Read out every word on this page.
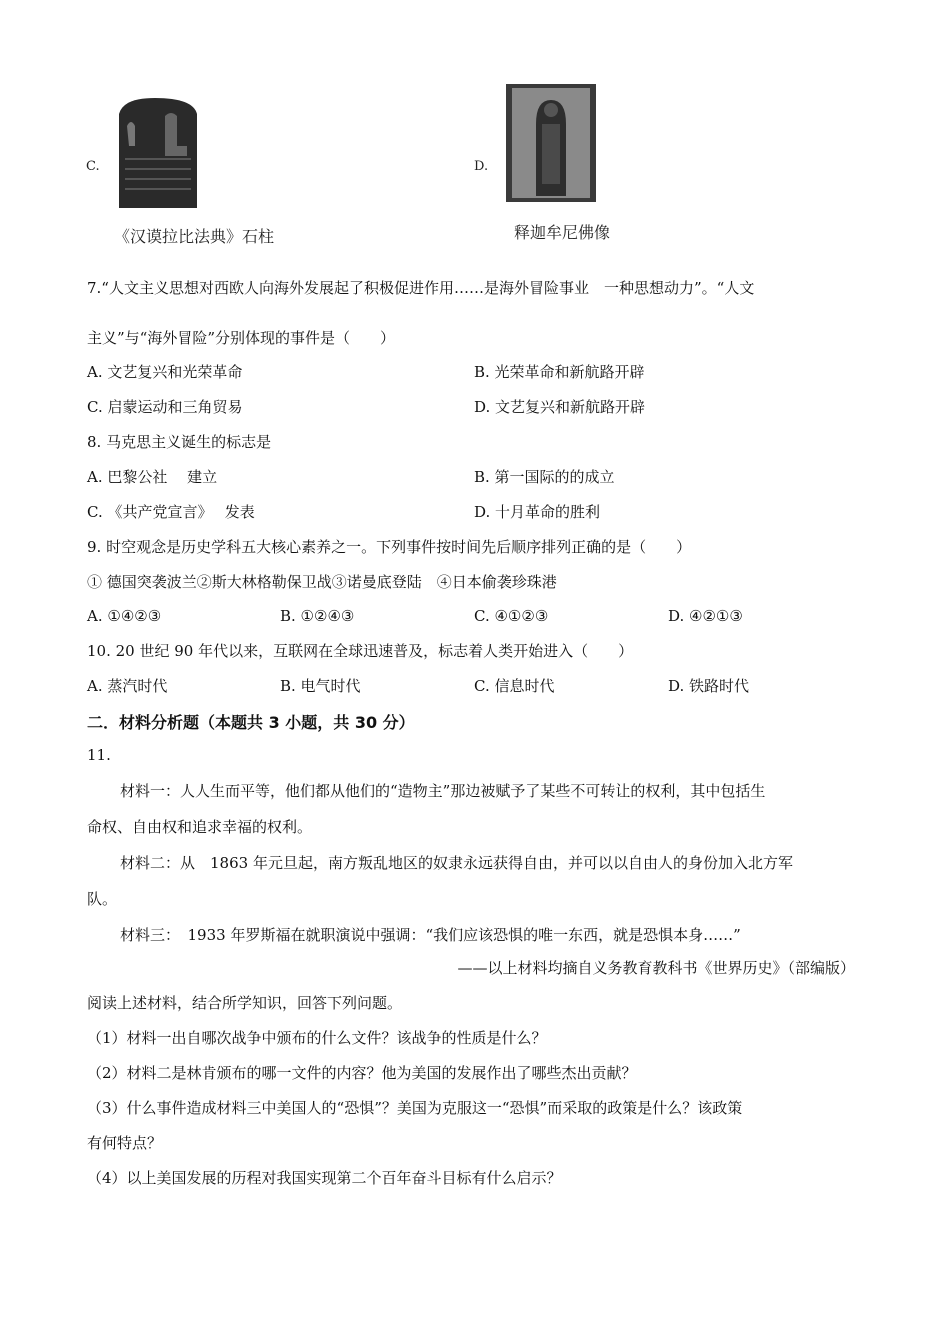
C.
《汉谟拉比法典》石柱
D.
释迦牟尼佛像
7.“人文主义思想对西欧人向海外发展起了积极促进作用……是海外冒险事业　一种思想动力”。“人文
主义”与“海外冒险”分别体现的事件是（　　）
A. 文艺复兴和光荣革命	B. 光荣革命和新航路开辟
C. 启蒙运动和三角贸易	D. 文艺复兴和新航路开辟
8. 马克思主义诞生的标志是
A. 巴黎公社　 建立	B. 第一国际的的成立
C. 《共产党宣言》　 发表	D. 十月革命的胜利
9. 时空观念是历史学科五大核心素养之一。下列事件按时间先后顺序排列正确的是（　　）
① 德国突袭波兰②斯大林格勒保卫战③诺曼底登陆　④日本偷袭珍珠港
A. ①④②③	B. ①②④③	C. ④①②③	D. ④②①③
10. 20 世纪 90 年代以来，互联网在全球迅速普及，标志着人类开始进入（　　）
A. 蒸汽时代	B. 电气时代	C. 信息时代	D. 铁路时代
二．材料分析题（本题共 3 小题，共 30 分）
11.
材料一：人人生而平等，他们都从他们的“造物主”那边被赋予了某些不可转让的权利，其中包括生
命权、自由权和追求幸福的权利。
材料二：从　1863 年元旦起，南方叛乱地区的奴隶永远获得自由，并可以以自由人的身份加入北方军
队。
材料三：　1933 年罗斯福在就职演说中强调：“我们应该恐惧的唯一东西，就是恐惧本身……”
——以上材料均摘自义务教育教科书《世界历史》（部编版）
阅读上述材料，结合所学知识，回答下列问题。
（1）材料一出自哪次战争中颁布的什么文件？该战争的性质是什么？
（2）材料二是林肯颁布的哪一文件的内容？他为美国的发展作出了哪些杰出贡献？
（3）什么事件造成材料三中美国人的“恐惧”？美国为克服这一“恐惧”而采取的政策是什么？该政策
有何特点？
（4）以上美国发展的历程对我国实现第二个百年奋斗目标有什么启示？
